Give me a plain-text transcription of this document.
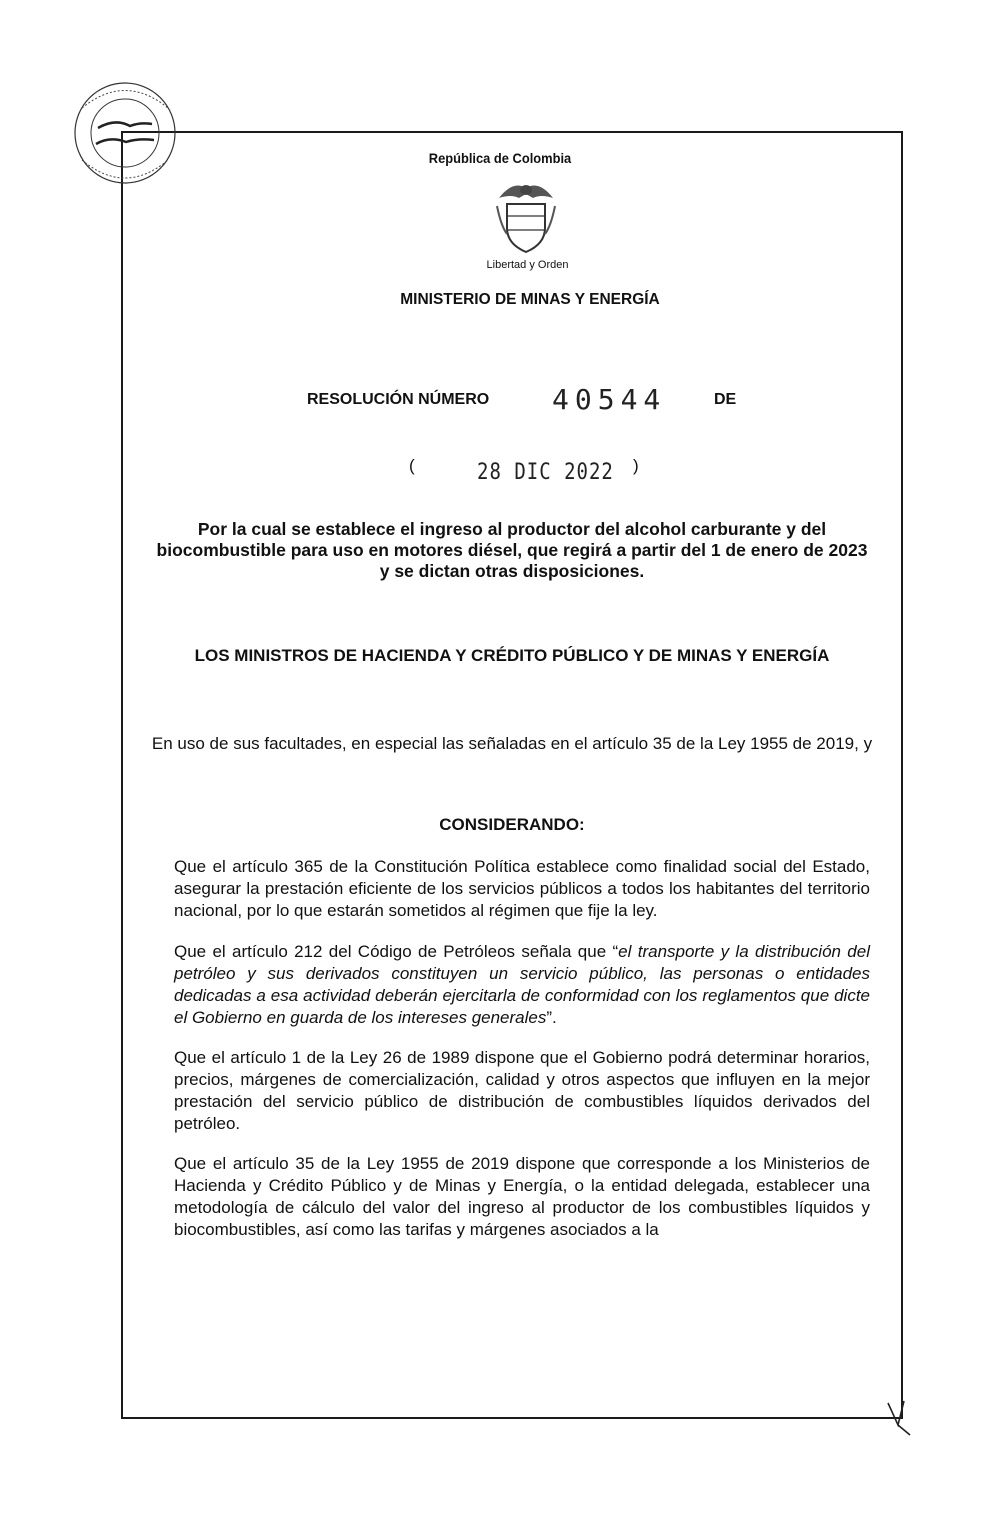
República de Colombia
Libertad y Orden
MINISTERIO DE MINAS Y ENERGÍA
RESOLUCIÓN NÚMERO 40544	DE
(	28 DIC 2022 )
Por la cual se establece el ingreso al productor del alcohol carburante y del biocombustible para uso en motores diésel, que regirá a partir del 1 de enero de 2023 y se dictan otras disposiciones.
LOS MINISTROS DE HACIENDA Y CRÉDITO PÚBLICO Y DE MINAS Y ENERGÍA
En uso de sus facultades, en especial las señaladas en el artículo 35 de la Ley 1955 de 2019, y
CONSIDERANDO:

Que el artículo 365 de la Constitución Política establece como finalidad social del Estado, asegurar la prestación eficiente de los servicios públicos a todos los habitantes del territorio nacional, por lo que estarán sometidos al régimen que fije la ley.

Que el artículo 212 del Código de Petróleos señala que “el transporte y la distribución del petróleo y sus derivados constituyen un servicio público, las personas o entidades dedicadas a esa actividad deberán ejercitarla de conformidad con los reglamentos que dicte el Gobierno en guarda de los intereses generales”.

Que el artículo 1 de la Ley 26 de 1989 dispone que el Gobierno podrá determinar horarios, precios, márgenes de comercialización, calidad y otros aspectos que influyen en la mejor prestación del servicio público de distribución de combustibles líquidos derivados del petróleo.

Que el artículo 35 de la Ley 1955 de 2019 dispone que corresponde a los Ministerios de Hacienda y Crédito Público y de Minas y Energía, o la entidad delegada, establecer una metodología de cálculo del valor del ingreso al productor de los combustibles líquidos y biocombustibles, así como las tarifas y márgenes asociados a la
